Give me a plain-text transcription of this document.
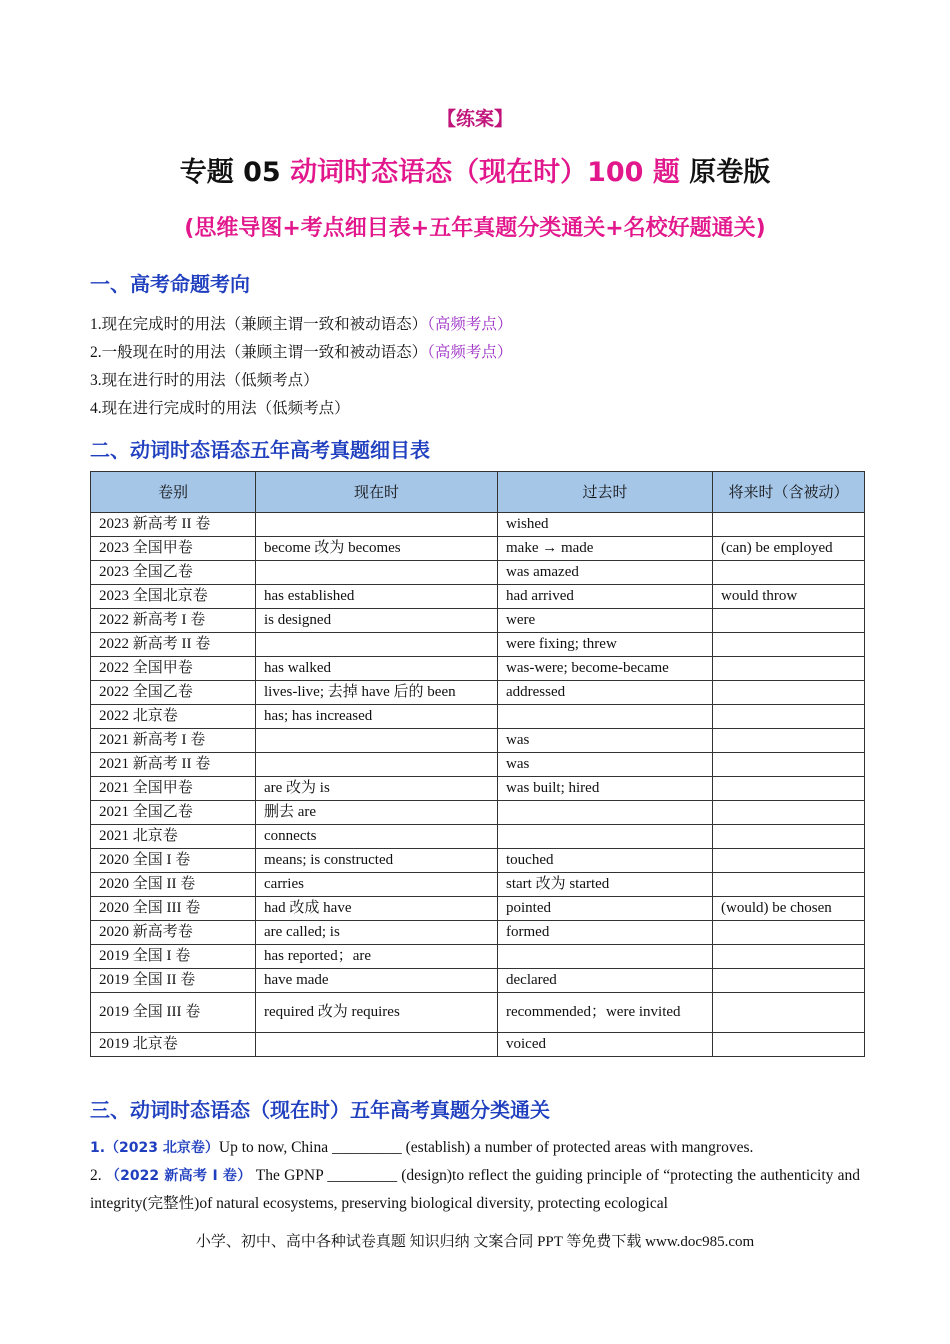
【练案】
专题 05 动词时态语态（现在时）100 题 原卷版
(思维导图+考点细目表+五年真题分类通关+名校好题通关)
一、高考命题考向
1.现在完成时的用法（兼顾主谓一致和被动语态）（高频考点）
2.一般现在时的用法（兼顾主谓一致和被动语态）（高频考点）
3.现在进行时的用法（低频考点）
4.现在进行完成时的用法（低频考点）
二、动词时态语态五年高考真题细目表
卷别	现在时	过去时	将来时（含被动）
2023 新高考 II 卷		wished	
2023 全国甲卷	become 改为 becomes	make → made	(can) be employed
2023 全国乙卷		was amazed	
2023 全国北京卷	has established	had arrived	would throw
2022 新高考 I 卷	is designed	were	
2022 新高考 II 卷		were fixing; threw	
2022 全国甲卷	has walked	was-were; become-became	
2022 全国乙卷	lives-live; 去掉 have 后的 been	addressed	
2022 北京卷	has; has increased		
2021 新高考 I 卷		was	
2021 新高考 II 卷		was	
2021 全国甲卷	are 改为 is	was built; hired	
2021 全国乙卷	删去 are		
2021 北京卷	connects		
2020 全国 I 卷	means; is constructed	touched	
2020 全国 II 卷	carries	start 改为 started	
2020 全国 III 卷	had 改成 have	pointed	(would) be chosen
2020 新高考卷	are called; is	formed	
2019 全国 I 卷	has reported；are		
2019 全国 II 卷	have made	declared	
2019 全国 III 卷	required 改为 requires	recommended；were invited	
2019 北京卷		voiced	
三、动词时态语态（现在时）五年高考真题分类通关
1.（2023 北京卷）Up to now, China _________ (establish) a number of protected areas with mangroves.
2. （2022 新高考 I 卷） The GPNP _________ (design)to reflect the guiding principle of “protecting the authenticity and integrity(完整性)of natural ecosystems, preserving biological diversity, protecting ecological
小学、初中、高中各种试卷真题 知识归纳 文案合同 PPT 等免费下载 www.doc985.com
